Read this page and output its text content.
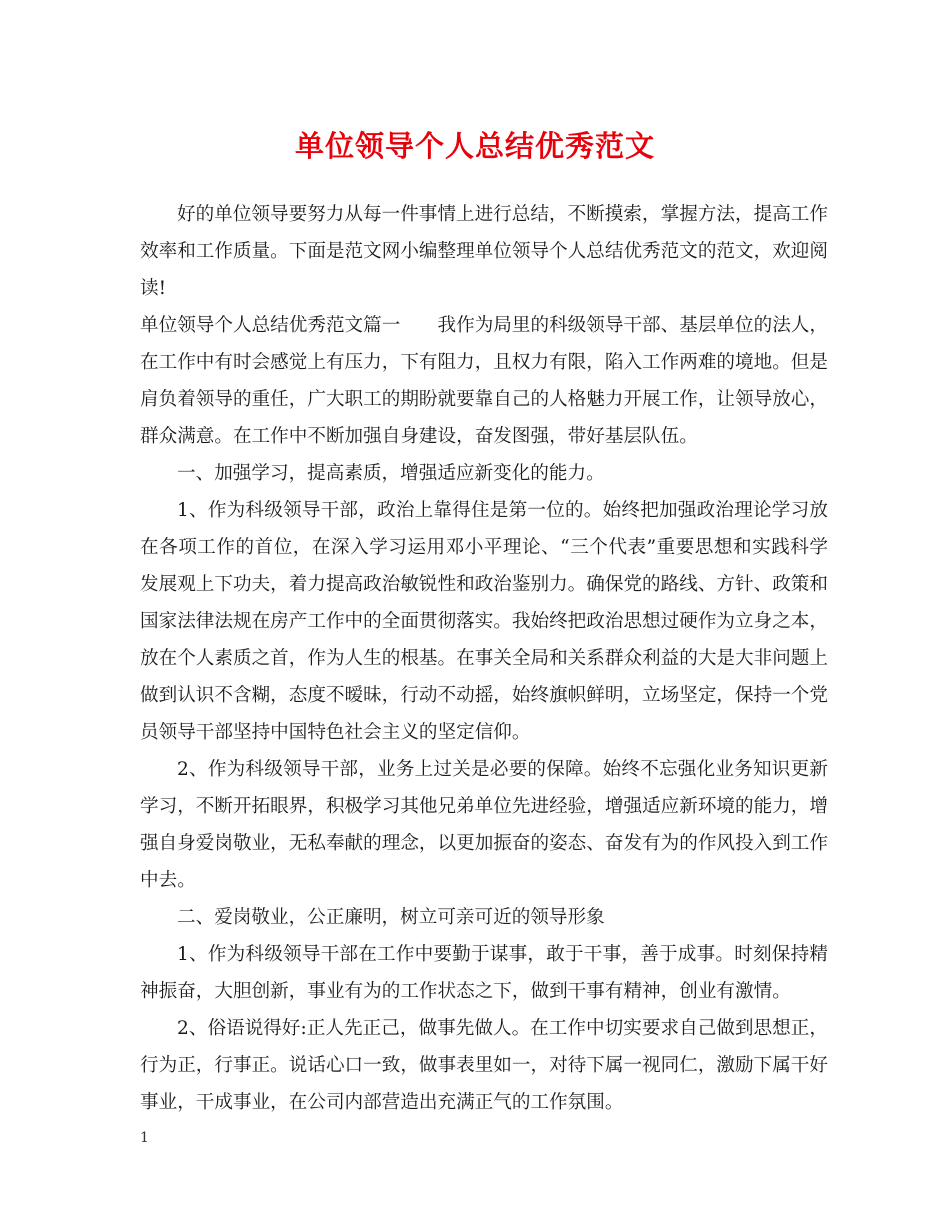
单位领导个人总结优秀范文

好的单位领导要努力从每一件事情上进行总结，不断摸索，掌握方法，提高工作效率和工作质量。下面是范文网小编整理单位领导个人总结优秀范文的范文，欢迎阅读!

单位领导个人总结优秀范文篇一　　我作为局里的科级领导干部、基层单位的法人，在工作中有时会感觉上有压力，下有阻力，且权力有限，陷入工作两难的境地。但是肩负着领导的重任，广大职工的期盼就要靠自己的人格魅力开展工作，让领导放心，群众满意。在工作中不断加强自身建设，奋发图强，带好基层队伍。

一、加强学习，提高素质，增强适应新变化的能力。

1、作为科级领导干部，政治上靠得住是第一位的。始终把加强政治理论学习放在各项工作的首位，在深入学习运用邓小平理论、“三个代表”重要思想和实践科学发展观上下功夫，着力提高政治敏锐性和政治鉴别力。确保党的路线、方针、政策和国家法律法规在房产工作中的全面贯彻落实。我始终把政治思想过硬作为立身之本，放在个人素质之首，作为人生的根基。在事关全局和关系群众利益的大是大非问题上做到认识不含糊，态度不暧昧，行动不动摇，始终旗帜鲜明，立场坚定，保持一个党员领导干部坚持中国特色社会主义的坚定信仰。

2、作为科级领导干部，业务上过关是必要的保障。始终不忘强化业务知识更新学习，不断开拓眼界，积极学习其他兄弟单位先进经验，增强适应新环境的能力，增强自身爱岗敬业，无私奉献的理念，以更加振奋的姿态、奋发有为的作风投入到工作中去。

二、爱岗敬业，公正廉明，树立可亲可近的领导形象

1、作为科级领导干部在工作中要勤于谋事，敢于干事，善于成事。时刻保持精神振奋，大胆创新，事业有为的工作状态之下，做到干事有精神，创业有激情。

2、俗语说得好:正人先正己，做事先做人。在工作中切实要求自己做到思想正，行为正，行事正。说话心口一致，做事表里如一，对待下属一视同仁，激励下属干好事业，干成事业，在公司内部营造出充满正气的工作氛围。

1
